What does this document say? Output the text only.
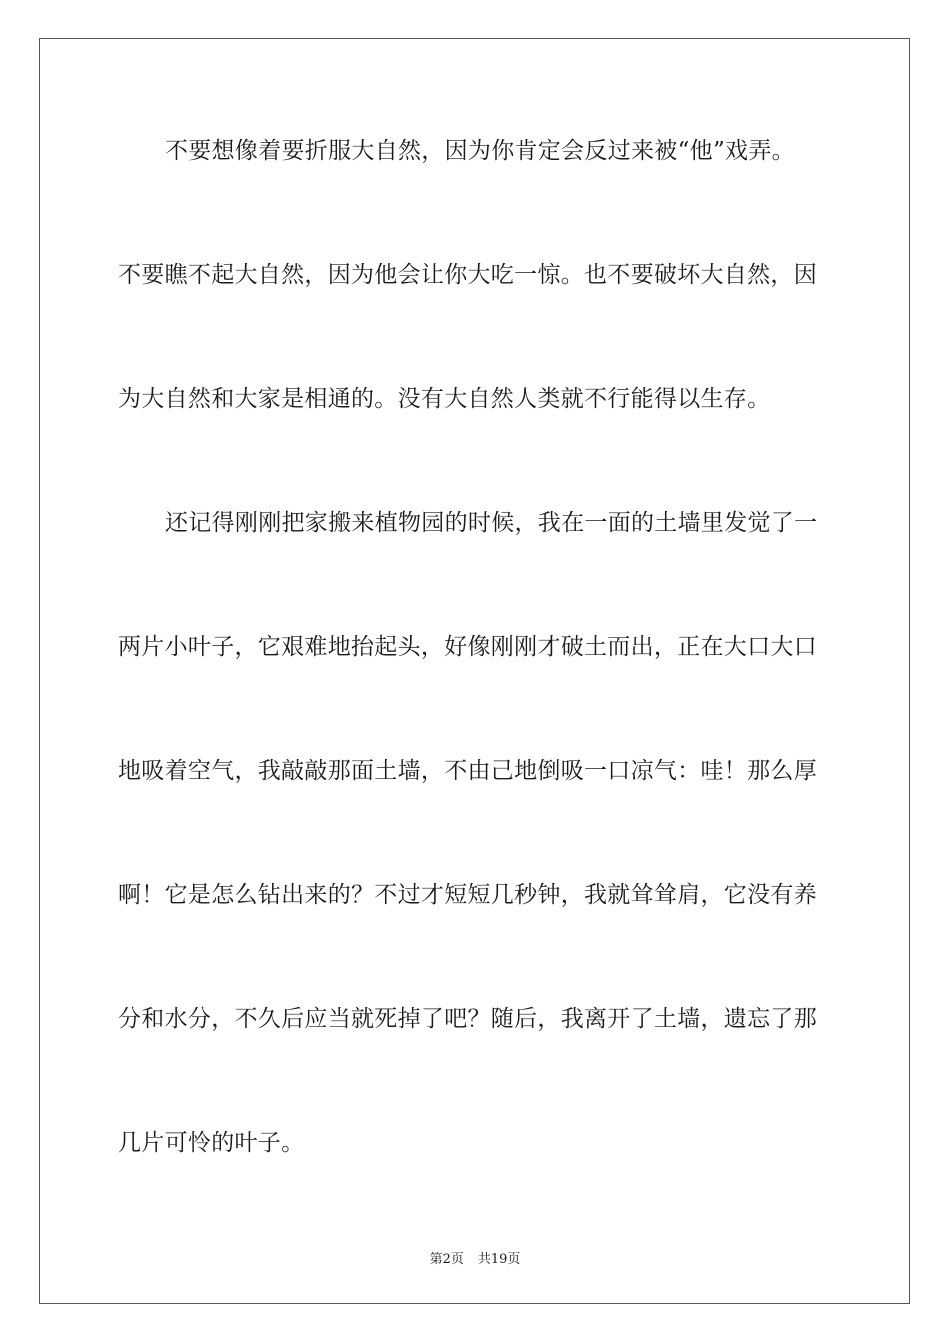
不要想像着要折服大自然，因为你肯定会反过来被“他”戏弄。
不要瞧不起大自然，因为他会让你大吃一惊。也不要破坏大自然，因
为大自然和大家是相通的。没有大自然人类就不行能得以生存。
还记得刚刚把家搬来植物园的时候，我在一面的土墙里发觉了一
两片小叶子，它艰难地抬起头，好像刚刚才破土而出，正在大口大口
地吸着空气，我敲敲那面土墙，不由己地倒吸一口凉气：哇！那么厚
啊！它是怎么钻出来的？不过才短短几秒钟，我就耸耸肩，它没有养
分和水分，不久后应当就死掉了吧？随后，我离开了土墙，遗忘了那
几片可怜的叶子。
第2页 共19页
